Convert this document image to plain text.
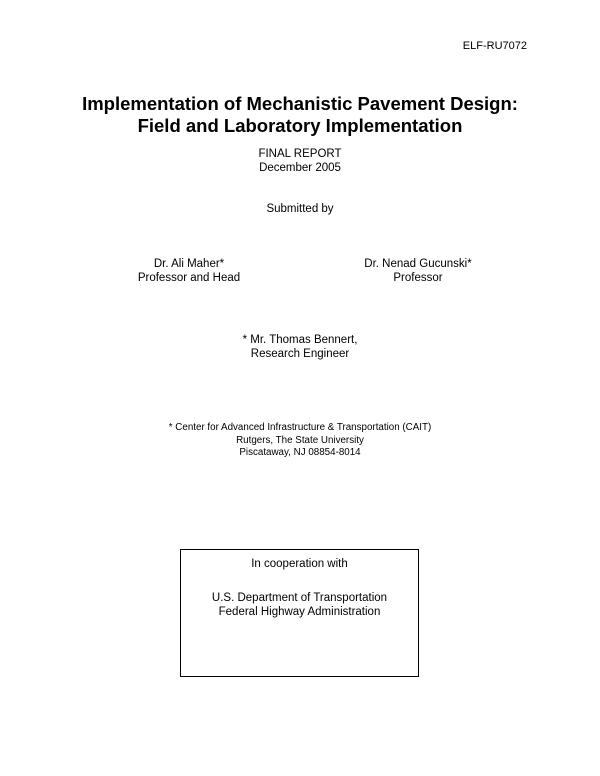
ELF-RU7072
Implementation of Mechanistic Pavement Design:
Field and Laboratory Implementation
FINAL REPORT
December 2005
Submitted by
Dr. Ali Maher*
Professor and Head
Dr. Nenad Gucunski*
Professor
* Mr. Thomas Bennert,
Research Engineer
* Center for Advanced Infrastructure & Transportation (CAIT)
Rutgers, The State University
Piscataway, NJ 08854-8014
In cooperation with
U.S. Department of Transportation
Federal Highway Administration
